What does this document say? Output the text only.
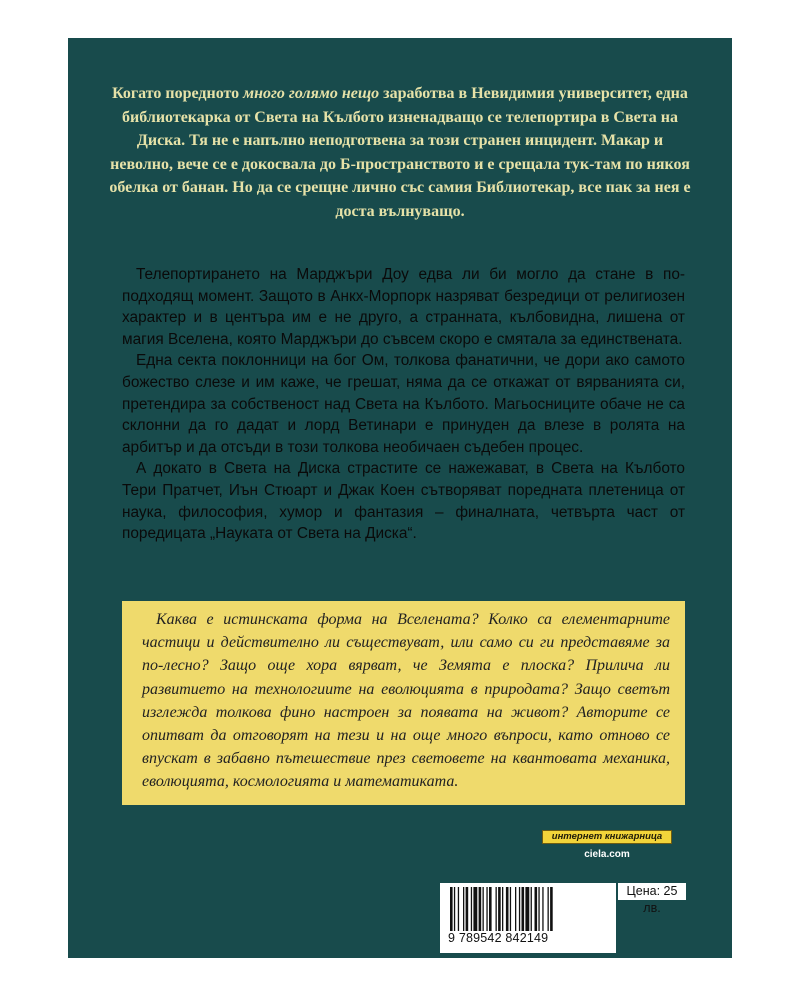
Когато поредното много голямо нещо заработва в Невидимия университет, една библиотекарка от Света на Кълбото изненадващо се телепортира в Света на Диска. Тя не е напълно неподготвена за този странен инцидент. Макар и неволно, вече се е докосвала до Б-пространството и е срещала тук-там по някоя обелка от банан. Но да се срещне лично със самия Библиотекар, все пак за нея е доста вълнуващо.

Телепортирането на Марджъри Доу едва ли би могло да стане в по-подходящ момент. Защото в Анкх-Морпорк назряват безредици от религиозен характер и в центъра им е не друго, а странната, кълбовидна, лишена от магия Вселена, която Марджъри до съвсем скоро е смятала за единствената.

Една секта поклонници на бог Ом, толкова фанатични, че дори ако самото божество слезе и им каже, че грешат, няма да се откажат от вярванията си, претендира за собственост над Света на Кълбото. Магьосниците обаче не са склонни да го дадат и лорд Ветинари е принуден да влезе в ролята на арбитър и да отсъди в този толкова необичаен съдебен процес.

А докато в Света на Диска страстите се нажежават, в Света на Кълбото Тери Пратчет, Иън Стюарт и Джак Коен сътворяват поредната плетеница от наука, философия, хумор и фантазия – финалната, четвърта част от поредицата „Науката от Света на Диска“.

Каква е истинската форма на Вселената? Колко са елементарните частици и действително ли съществуват, или само си ги представяме за по-лесно? Защо още хора вярват, че Земята е плоска? Прилича ли развитието на технологиите на еволюцията в природата? Защо светът изглежда толкова фино настроен за появата на живот? Авторите се опитват да отговорят на тези и на още много въпроси, като отново се впускат в забавно пътешествие през световете на квантовата механика, еволюцията, космологията и математиката.

интернет книжарница
ciela.com
9 789542 842149
Цена: 25 лв.
